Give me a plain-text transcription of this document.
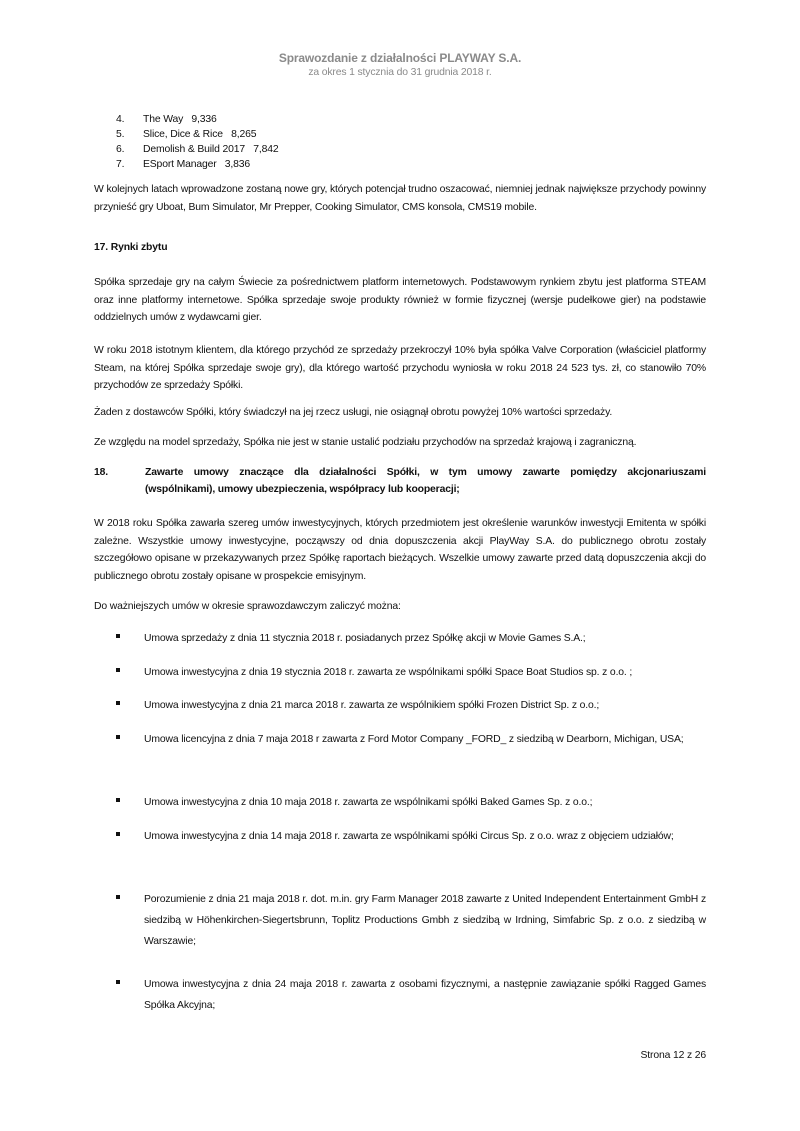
Sprawozdanie z działalności PLAYWAY S.A.
za okres 1 stycznia do 31 grudnia 2018 r.
4. The Way 9,336
5. Slice, Dice & Rice 8,265
6. Demolish & Build 2017 7,842
7. ESport Manager 3,836
W kolejnych latach wprowadzone zostaną nowe gry, których potencjał trudno oszacować, niemniej jednak największe przychody powinny przynieść gry Uboat, Bum Simulator, Mr Prepper, Cooking Simulator, CMS konsola, CMS19 mobile.
17. Rynki zbytu
Spółka sprzedaje gry na całym Świecie za pośrednictwem platform internetowych. Podstawowym rynkiem zbytu jest platforma STEAM oraz inne platformy internetowe. Spółka sprzedaje swoje produkty również w formie fizycznej (wersje pudełkowe gier) na podstawie oddzielnych umów z wydawcami gier.
W roku 2018 istotnym klientem, dla którego przychód ze sprzedaży przekroczył 10% była spółka Valve Corporation (właściciel platformy Steam, na której Spółka sprzedaje swoje gry), dla którego wartość przychodu wyniosła w roku 2018 24 523 tys. zł, co stanowiło 70% przychodów ze sprzedaży Spółki.
Żaden z dostawców Spółki, który świadczył na jej rzecz usługi, nie osiągnął obrotu powyżej 10% wartości sprzedaży.
Ze względu na model sprzedaży, Spółka nie jest w stanie ustalić podziału przychodów na sprzedaż krajową i zagraniczną.
18.	Zawarte umowy znaczące dla działalności Spółki, w tym umowy zawarte pomiędzy akcjonariuszami
(wspólnikami), umowy ubezpieczenia, współpracy lub kooperacji;
W 2018 roku Spółka zawarła szereg umów inwestycyjnych, których przedmiotem jest określenie warunków inwestycji Emitenta w spółki zależne. Wszystkie umowy inwestycyjne, począwszy od dnia dopuszczenia akcji PlayWay S.A. do publicznego obrotu zostały szczegółowo opisane w przekazywanych przez Spółkę raportach bieżących. Wszelkie umowy zawarte przed datą dopuszczenia akcji do publicznego obrotu zostały opisane w prospekcie emisyjnym.
Do ważniejszych umów w okresie sprawozdawczym zaliczyć można:
Umowa sprzedaży z dnia 11 stycznia 2018 r. posiadanych przez Spółkę akcji w Movie Games S.A.;
Umowa inwestycyjna z dnia 19 stycznia 2018 r. zawarta ze wspólnikami spółki Space Boat Studios sp. z o.o. ;
Umowa inwestycyjna z dnia 21 marca 2018 r. zawarta ze wspólnikiem spółki Frozen District Sp. z o.o.;
Umowa licencyjna z dnia 7 maja 2018 r zawarta z Ford Motor Company _FORD_ z siedzibą w Dearborn, Michigan, USA;
Umowa inwestycyjna z dnia 10 maja 2018 r. zawarta ze wspólnikami spółki Baked Games Sp. z o.o.;
Umowa inwestycyjna z dnia 14 maja 2018 r. zawarta ze wspólnikami spółki Circus Sp. z o.o. wraz z objęciem udziałów;
Porozumienie z dnia 21 maja 2018 r. dot. m.in. gry Farm Manager 2018 zawarte z United Independent Entertainment GmbH z siedzibą w Höhenkirchen-Siegertsbrunn, Toplitz Productions Gmbh z siedzibą w Irdning, Simfabric Sp. z o.o. z siedzibą w Warszawie;
Umowa inwestycyjna z dnia 24 maja 2018 r. zawarta z osobami fizycznymi, a następnie zawiązanie spółki Ragged Games Spółka Akcyjna;
Strona 12 z 26
